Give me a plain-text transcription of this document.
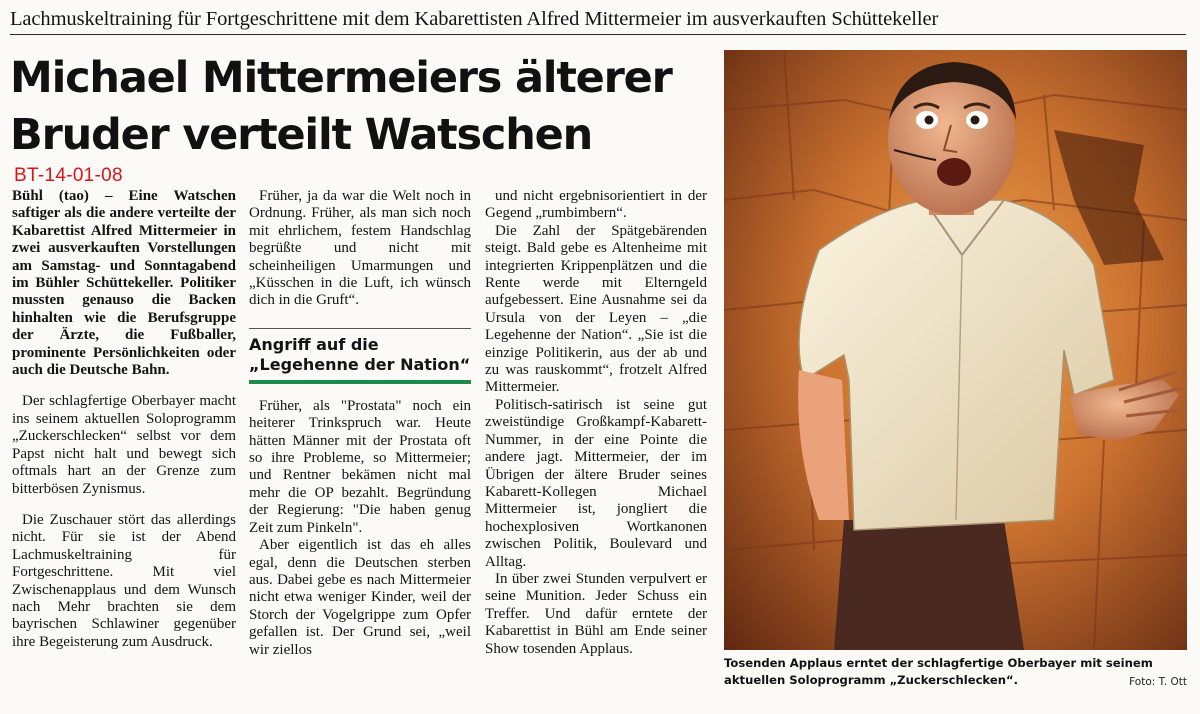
Lachmuskeltraining für Fortgeschrittene mit dem Kabarettisten Alfred Mittermeier im ausverkauften Schüttekeller
Michael Mittermeiers älterer
Bruder verteilt Watschen
BT-14-01-08

Bühl (tao) – Eine Watschen saftiger als die andere verteilte der Kabarettist Alfred Mittermeier in zwei ausverkauften Vorstellungen am Samstag- und Sonntagabend im Bühler Schüttekeller. Politiker mussten genauso die Backen hinhalten wie die Berufsgruppe der Ärzte, die Fußballer, prominente Persönlichkeiten oder auch die Deutsche Bahn.

Der schlagfertige Oberbayer macht ins seinem aktuellen Soloprogramm „Zuckerschlecken“ selbst vor dem Papst nicht halt und bewegt sich oftmals hart an der Grenze zum bitterbösen Zynismus.

Die Zuschauer stört das allerdings nicht. Für sie ist der Abend Lachmuskeltraining für Fortgeschrittene. Mit viel Zwischenapplaus und dem Wunsch nach Mehr brachten sie dem bayrischen Schlawiner gegenüber ihre Begeisterung zum Ausdruck.

Früher, ja da war die Welt noch in Ordnung. Früher, als man sich noch mit ehrlichem, festem Handschlag begrüßte und nicht mit scheinheiligen Umarmungen und „Küsschen in die Luft, ich wünsch dich in die Gruft“.

Angriff auf die
„Legehenne der Nation“

Früher, als "Prostata" noch ein heiterer Trinkspruch war. Heute hätten Männer mit der Prostata oft so ihre Probleme, so Mittermeier; und Rentner bekämen nicht mal mehr die OP bezahlt. Begründung der Regierung: "Die haben genug Zeit zum Pinkeln".

Aber eigentlich ist das eh alles egal, denn die Deutschen sterben aus. Dabei gebe es nach Mittermeier nicht etwa weniger Kinder, weil der Storch der Vogelgrippe zum Opfer gefallen ist. Der Grund sei, „weil wir ziellos

und nicht ergebnisorientiert in der Gegend „rumbimbern“.

Die Zahl der Spätgebärenden steigt. Bald gebe es Altenheime mit integrierten Krippenplätzen und die Rente werde mit Elterngeld aufgebessert. Eine Ausnahme sei da Ursula von der Leyen – „die Legehenne der Nation“. „Sie ist die einzige Politikerin, aus der ab und zu was rauskommt“, frotzelt Alfred Mittermeier.

Politisch-satirisch ist seine gut zweistündige Großkampf-Kabarett-Nummer, in der eine Pointe die andere jagt. Mittermeier, der im Übrigen der ältere Bruder seines Kabarett-Kollegen Michael Mittermeier ist, jongliert die hochexplosiven Wortkanonen zwischen Politik, Boulevard und Alltag.

In über zwei Stunden verpulvert er seine Munition. Jeder Schuss ein Treffer. Und dafür erntete der Kabarettist in Bühl am Ende seiner Show tosenden Applaus.

Tosenden Applaus erntet der schlagfertige Oberbayer mit seinem aktuellen Soloprogramm „Zuckerschlecken“.	Foto: T. Ott
